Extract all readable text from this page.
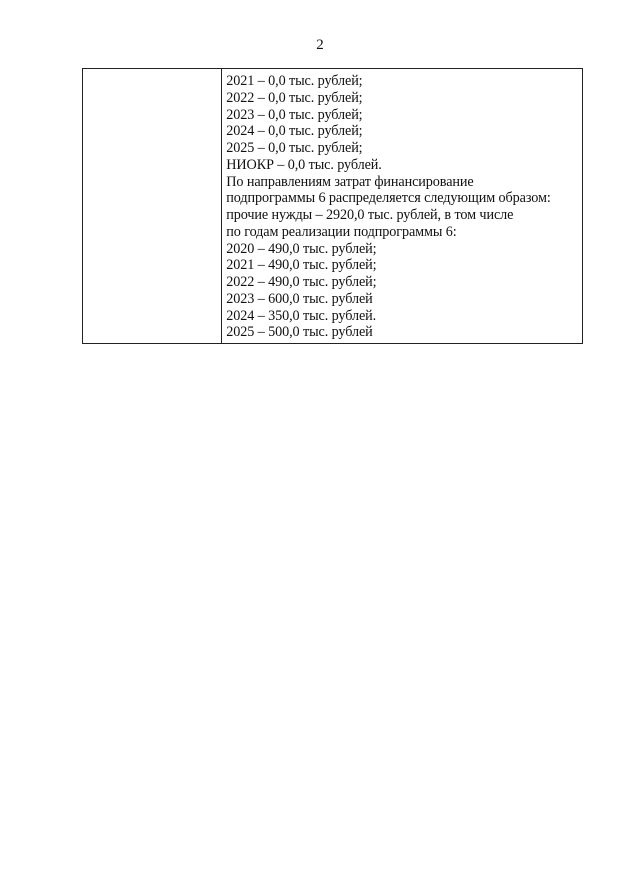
2

2021 – 0,0 тыс. рублей;
2022 – 0,0 тыс. рублей;
2023 – 0,0 тыс. рублей;
2024 – 0,0 тыс. рублей;
2025 – 0,0 тыс. рублей;
НИОКР – 0,0 тыс. рублей.
По направлениям затрат финансирование
подпрограммы 6 распределяется следующим образом:
прочие нужды – 2920,0 тыс. рублей, в том числе
по годам реализации подпрограммы 6:
2020 – 490,0 тыс. рублей;
2021 – 490,0 тыс. рублей;
2022 – 490,0 тыс. рублей;
2023 – 600,0 тыс. рублей
2024 – 350,0 тыс. рублей.
2025 – 500,0 тыс. рублей
